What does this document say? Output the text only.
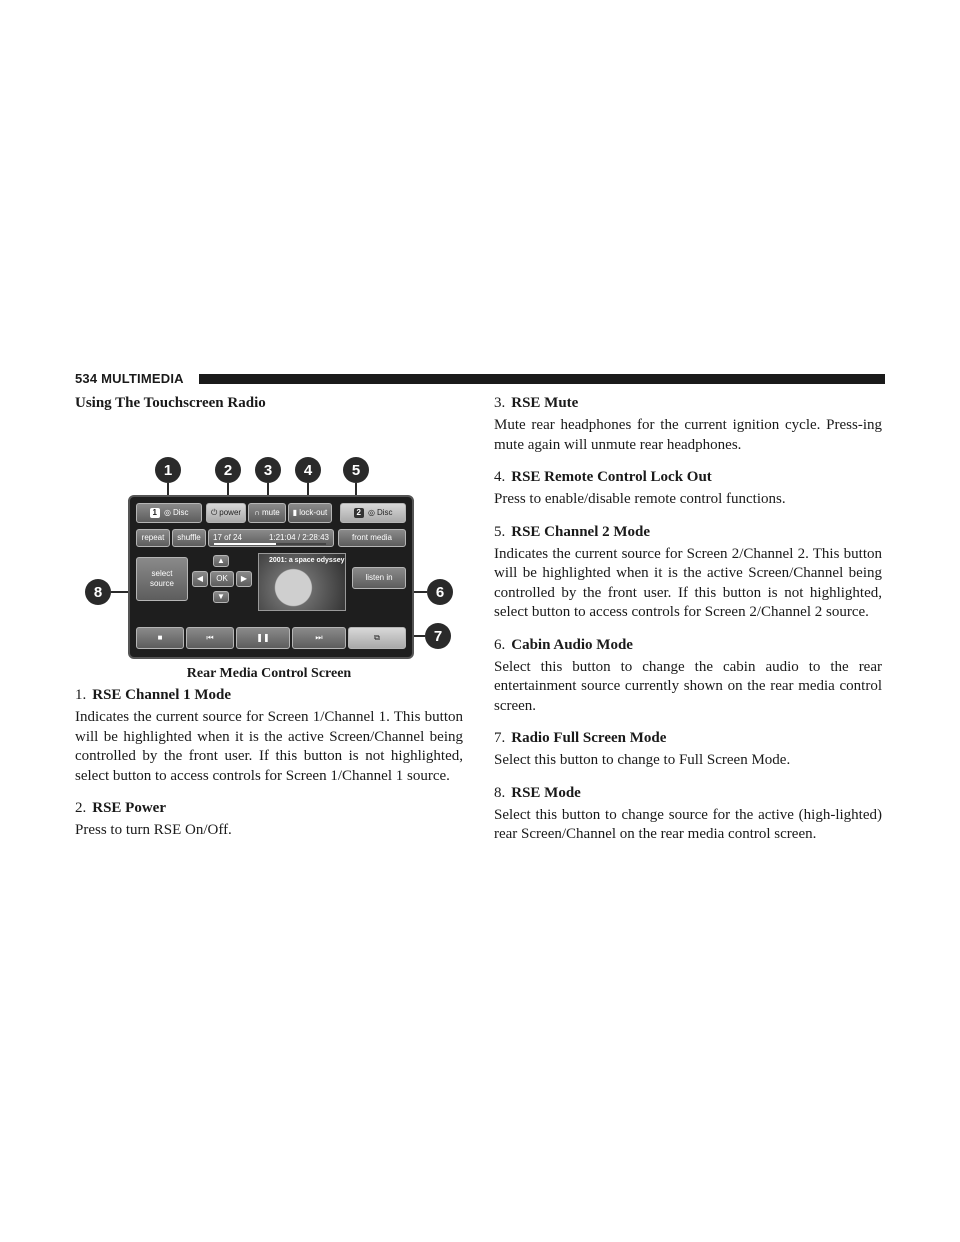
534 MULTIMEDIA
Using The Touchscreen Radio
1	2	3	4	5
6
7
8
1 ◎ Disc	⏻ power ∩ mute ▮ lock-out	2 ◎ Disc
repeat shuffle 17 of 24	1:21:04 / 2:28:43	front media
select
source
▲
◀	OK	▶
▼
2001: a space odyssey
listen in
■	⏮	❚❚	⏭	⧉
Rear Media Control Screen
1. RSE Channel 1 Mode
Indicates the current source for Screen 1/Channel 1. This button will be highlighted when it is the active Screen/Channel being controlled by the front user. If this button is not highlighted, select button to access controls for Screen 1/Channel 1 source.
2. RSE Power
Press to turn RSE On/Off.
3. RSE Mute
Mute rear headphones for the current ignition cycle. Press-ing mute again will unmute rear headphones.
4. RSE Remote Control Lock Out
Press to enable/disable remote control functions.
5. RSE Channel 2 Mode
Indicates the current source for Screen 2/Channel 2. This button will be highlighted when it is the active Screen/Channel being controlled by the front user. If this button is not highlighted, select button to access controls for Screen 2/Channel 2 source.
6. Cabin Audio Mode
Select this button to change the cabin audio to the rear entertainment source currently shown on the rear media control screen.
7. Radio Full Screen Mode
Select this button to change to Full Screen Mode.
8. RSE Mode
Select this button to change source for the active (high-lighted) rear Screen/Channel on the rear media control screen.
